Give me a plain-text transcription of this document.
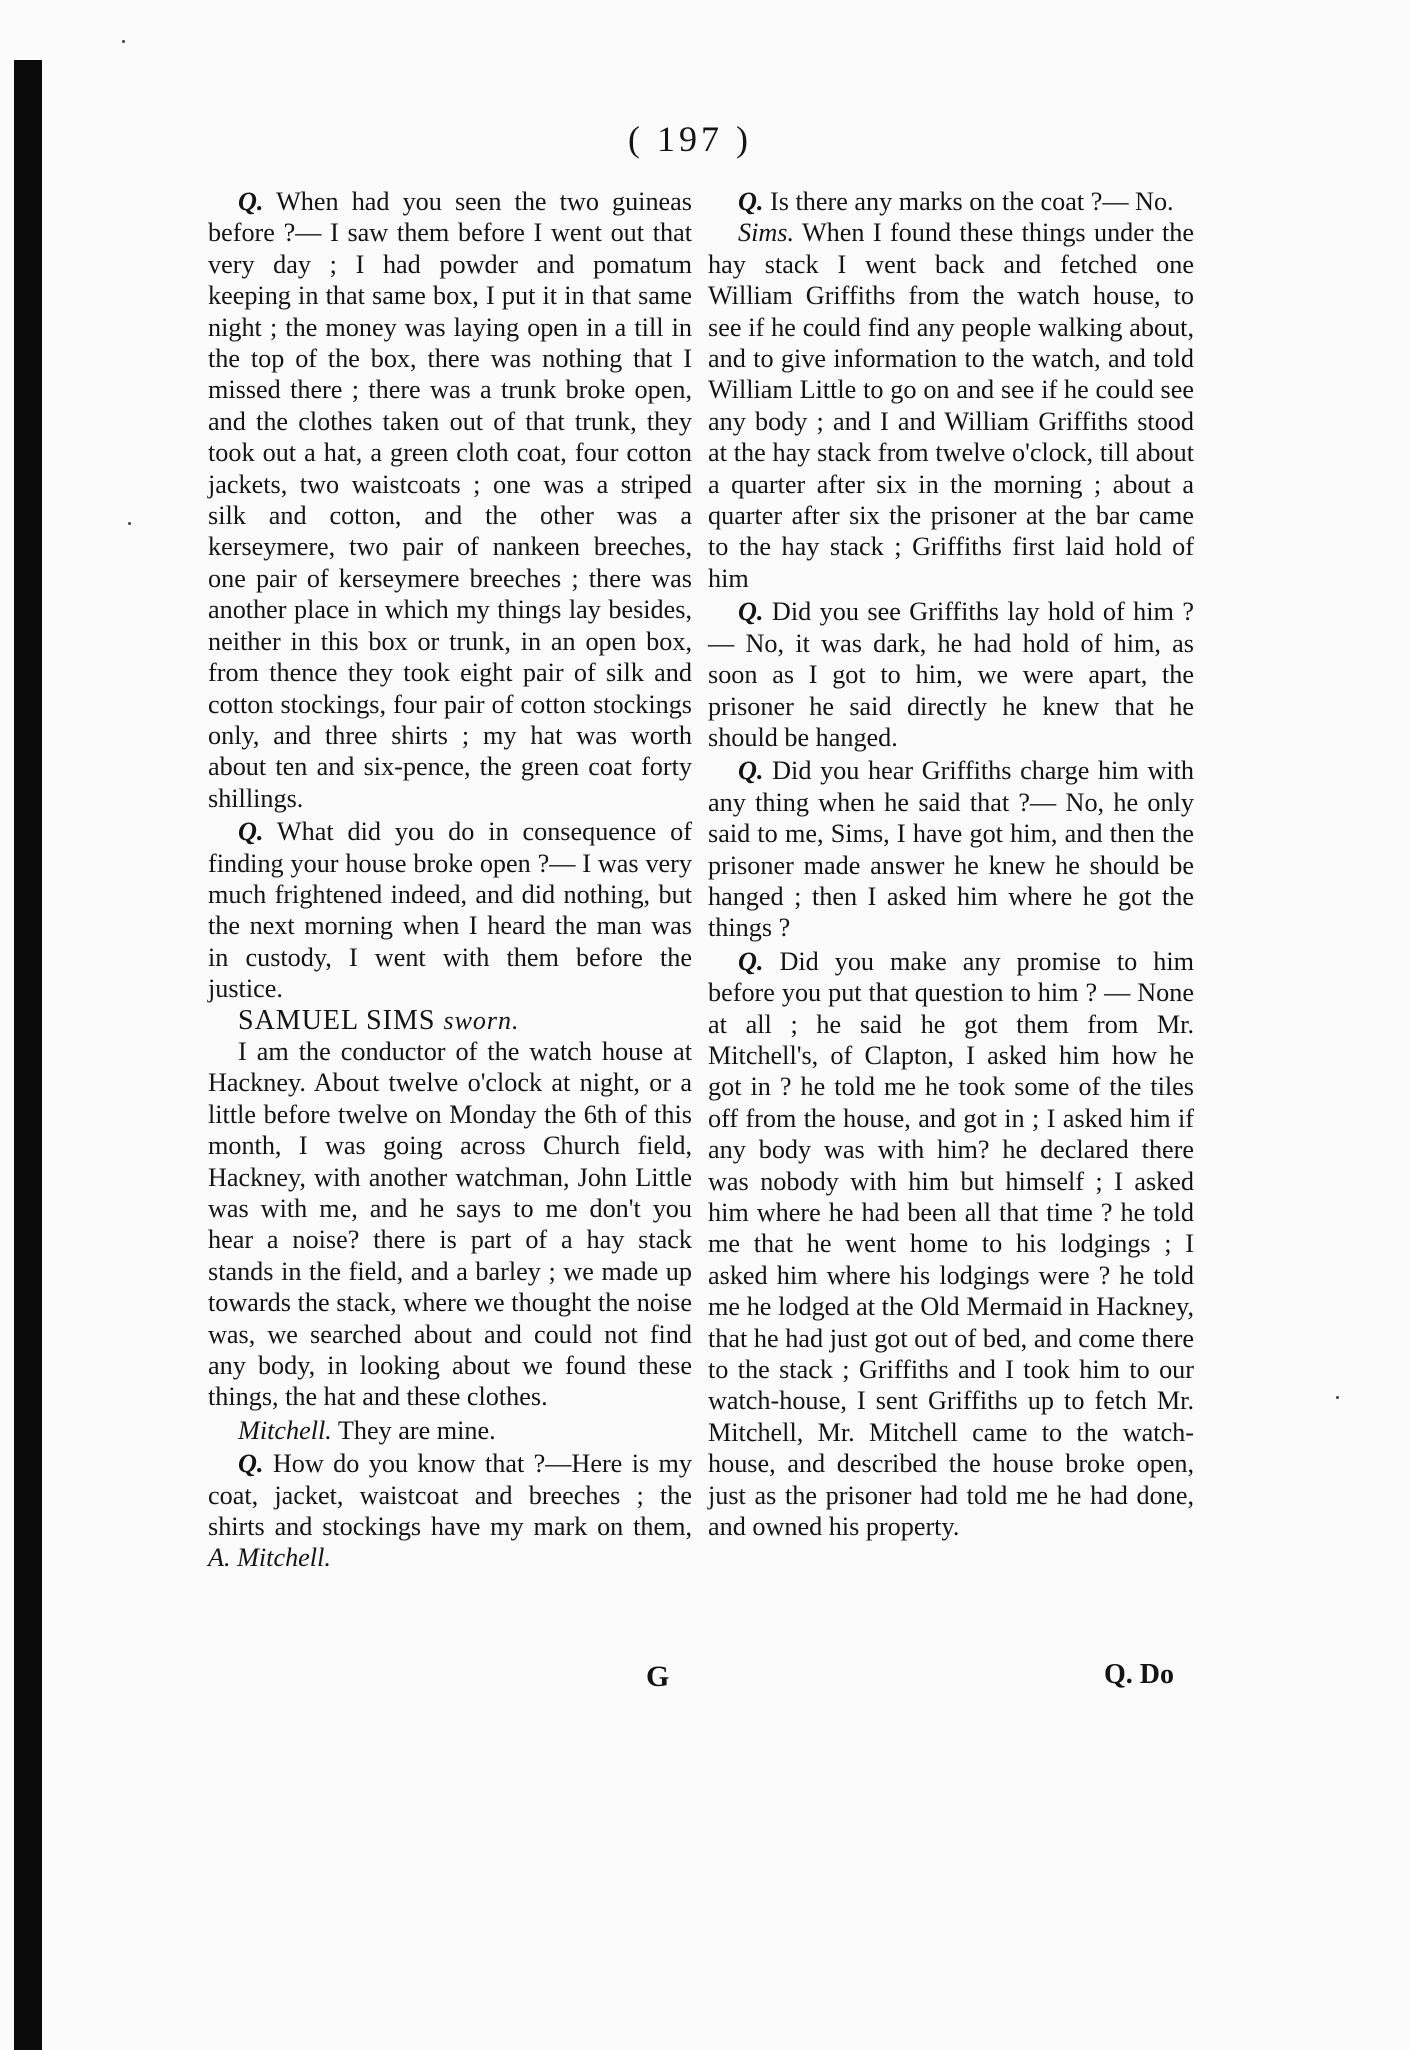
( 197 )

Q. When had you seen the two guineas before ?— I saw them before I went out that very day ; I had powder and pomatum keeping in that same box, I put it in that same night ; the money was laying open in a till in the top of the box, there was nothing that I missed there ; there was a trunk broke open, and the clothes taken out of that trunk, they took out a hat, a green cloth coat, four cotton jackets, two waistcoats ; one was a striped silk and cotton, and the other was a kerseymere, two pair of nankeen breeches, one pair of kerseymere breeches ; there was another place in which my things lay besides, neither in this box or trunk, in an open box, from thence they took eight pair of silk and cotton stockings, four pair of cotton stockings only, and three shirts ; my hat was worth about ten and six-pence, the green coat forty shillings.

Q. What did you do in consequence of finding your house broke open ?— I was very much frightened indeed, and did nothing, but the next morning when I heard the man was in custody, I went with them before the justice.

SAMUEL SIMS sworn.

I am the conductor of the watch house at Hackney. About twelve o'clock at night, or a little before twelve on Monday the 6th of this month, I was going across Church field, Hackney, with another watchman, John Little was with me, and he says to me don't you hear a noise? there is part of a hay stack stands in the field, and a barley ; we made up towards the stack, where we thought the noise was, we searched about and could not find any body, in looking about we found these things, the hat and these clothes.

Mitchell. They are mine.

Q. How do you know that ?—Here is my coat, jacket, waistcoat and breeches ; the shirts and stockings have my mark on them, A. Mitchell.

Q. Is there any marks on the coat ?— No.

Sims. When I found these things under the hay stack I went back and fetched one William Griffiths from the watch house, to see if he could find any people walking about, and to give information to the watch, and told William Little to go on and see if he could see any body ; and I and William Griffiths stood at the hay stack from twelve o'clock, till about a quarter after six in the morning ; about a quarter after six the prisoner at the bar came to the hay stack ; Griffiths first laid hold of him

Q. Did you see Griffiths lay hold of him ?— No, it was dark, he had hold of him, as soon as I got to him, we were apart, the prisoner he said directly he knew that he should be hanged.

Q. Did you hear Griffiths charge him with any thing when he said that ?— No, he only said to me, Sims, I have got him, and then the prisoner made answer he knew he should be hanged ; then I asked him where he got the things ?

Q. Did you make any promise to him before you put that question to him ? — None at all ; he said he got them from Mr. Mitchell's, of Clapton, I asked him how he got in ? he told me he took some of the tiles off from the house, and got in ; I asked him if any body was with him? he declared there was nobody with him but himself ; I asked him where he had been all that time ? he told me that he went home to his lodgings ; I asked him where his lodgings were ? he told me he lodged at the Old Mermaid in Hackney, that he had just got out of bed, and come there to the stack ; Griffiths and I took him to our watch-house, I sent Griffiths up to fetch Mr. Mitchell, Mr. Mitchell came to the watch-house, and described the house broke open, just as the prisoner had told me he had done, and owned his property.

G	Q. Do
